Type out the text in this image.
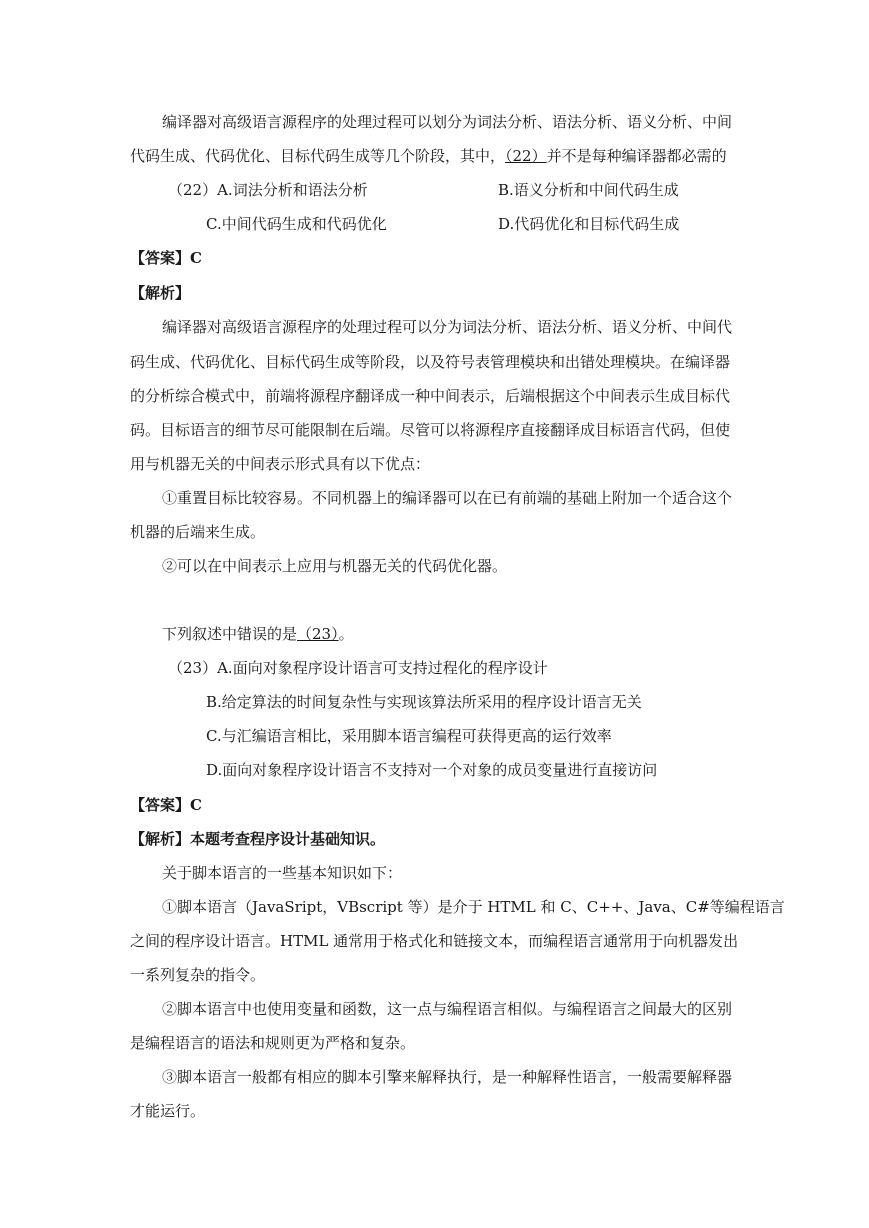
编译器对高级语言源程序的处理过程可以划分为词法分析、语法分析、语义分析、中间
代码生成、代码优化、目标代码生成等几个阶段，其中，（22）并不是每种编译器都必需的
（22）A.词法分析和语法分析	B.语义分析和中间代码生成
C.中间代码生成和代码优化	D.代码优化和目标代码生成
【答案】C
【解析】
编译器对高级语言源程序的处理过程可以分为词法分析、语法分析、语义分析、中间代
码生成、代码优化、目标代码生成等阶段，以及符号表管理模块和出错处理模块。在编译器
的分析综合模式中，前端将源程序翻译成一种中间表示，后端根据这个中间表示生成目标代
码。目标语言的细节尽可能限制在后端。尽管可以将源程序直接翻译成目标语言代码，但使
用与机器无关的中间表示形式具有以下优点：
①重置目标比较容易。不同机器上的编译器可以在已有前端的基础上附加一个适合这个
机器的后端来生成。
②可以在中间表示上应用与机器无关的代码优化器。
下列叙述中错误的是（23）。
（23）A.面向对象程序设计语言可支持过程化的程序设计
B.给定算法的时间复杂性与实现该算法所采用的程序设计语言无关
C.与汇编语言相比，采用脚本语言编程可获得更高的运行效率
D.面向对象程序设计语言不支持对一个对象的成员变量进行直接访问
【答案】C
【解析】本题考查程序设计基础知识。
关于脚本语言的一些基本知识如下：
①脚本语言（JavaSript，VBscript 等）是介于 HTML 和 C、C++、Java、C#等编程语言
之间的程序设计语言。HTML 通常用于格式化和链接文本，而编程语言通常用于向机器发出
一系列复杂的指令。
②脚本语言中也使用变量和函数，这一点与编程语言相似。与编程语言之间最大的区别
是编程语言的语法和规则更为严格和复杂。
③脚本语言一般都有相应的脚本引擎来解释执行，是一种解释性语言，一般需要解释器
才能运行。
